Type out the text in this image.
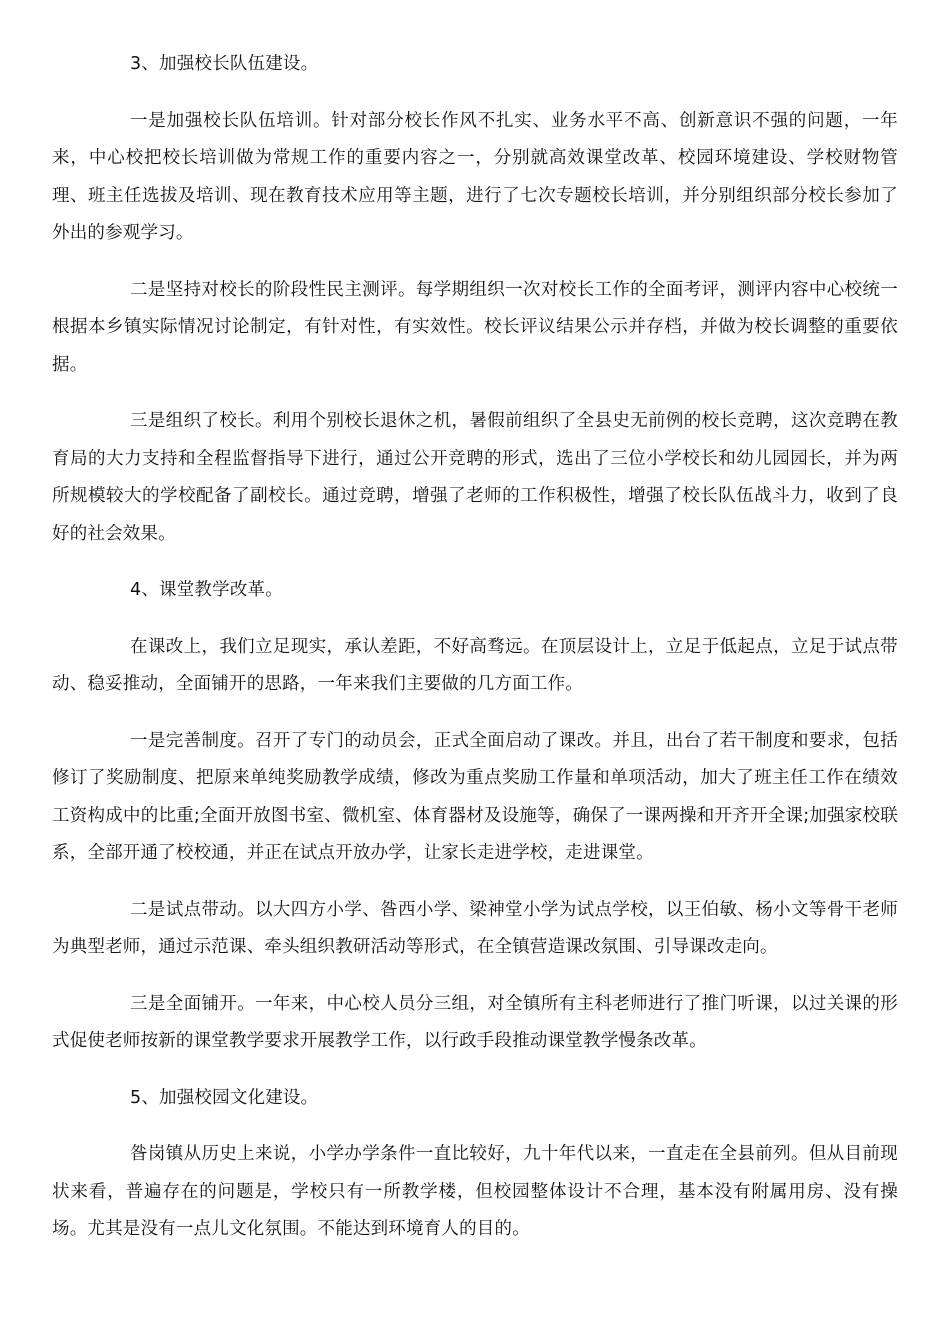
3、加强校长队伍建设。

一是加强校长队伍培训。针对部分校长作风不扎实、业务水平不高、创新意识不强的问题，一年来，中心校把校长培训做为常规工作的重要内容之一，分别就高效课堂改革、校园环境建设、学校财物管理、班主任选拔及培训、现在教育技术应用等主题，进行了七次专题校长培训，并分别组织部分校长参加了外出的参观学习。

二是坚持对校长的阶段性民主测评。每学期组织一次对校长工作的全面考评，测评内容中心校统一根据本乡镇实际情况讨论制定，有针对性，有实效性。校长评议结果公示并存档，并做为校长调整的重要依据。

三是组织了校长。利用个别校长退休之机，暑假前组织了全县史无前例的校长竞聘，这次竞聘在教育局的大力支持和全程监督指导下进行，通过公开竞聘的形式，选出了三位小学校长和幼儿园园长，并为两所规模较大的学校配备了副校长。通过竞聘，增强了老师的工作积极性，增强了校长队伍战斗力，收到了良好的社会效果。

4、课堂教学改革。

在课改上，我们立足现实，承认差距，不好高骛远。在顶层设计上，立足于低起点，立足于试点带动、稳妥推动，全面铺开的思路，一年来我们主要做的几方面工作。

一是完善制度。召开了专门的动员会，正式全面启动了课改。并且，出台了若干制度和要求，包括修订了奖励制度、把原来单纯奖励教学成绩，修改为重点奖励工作量和单项活动，加大了班主任工作在绩效工资构成中的比重;全面开放图书室、微机室、体育器材及设施等，确保了一课两操和开齐开全课;加强家校联系，全部开通了校校通，并正在试点开放办学，让家长走进学校，走进课堂。

二是试点带动。以大四方小学、昝西小学、梁神堂小学为试点学校，以王伯敏、杨小文等骨干老师为典型老师，通过示范课、牵头组织教研活动等形式，在全镇营造课改氛围、引导课改走向。

三是全面铺开。一年来，中心校人员分三组，对全镇所有主科老师进行了推门听课，以过关课的形式促使老师按新的课堂教学要求开展教学工作，以行政手段推动课堂教学慢条改革。

5、加强校园文化建设。

昝岗镇从历史上来说，小学办学条件一直比较好，九十年代以来，一直走在全县前列。但从目前现状来看，普遍存在的问题是，学校只有一所教学楼，但校园整体设计不合理，基本没有附属用房、没有操场。尤其是没有一点儿文化氛围。不能达到环境育人的目的。
